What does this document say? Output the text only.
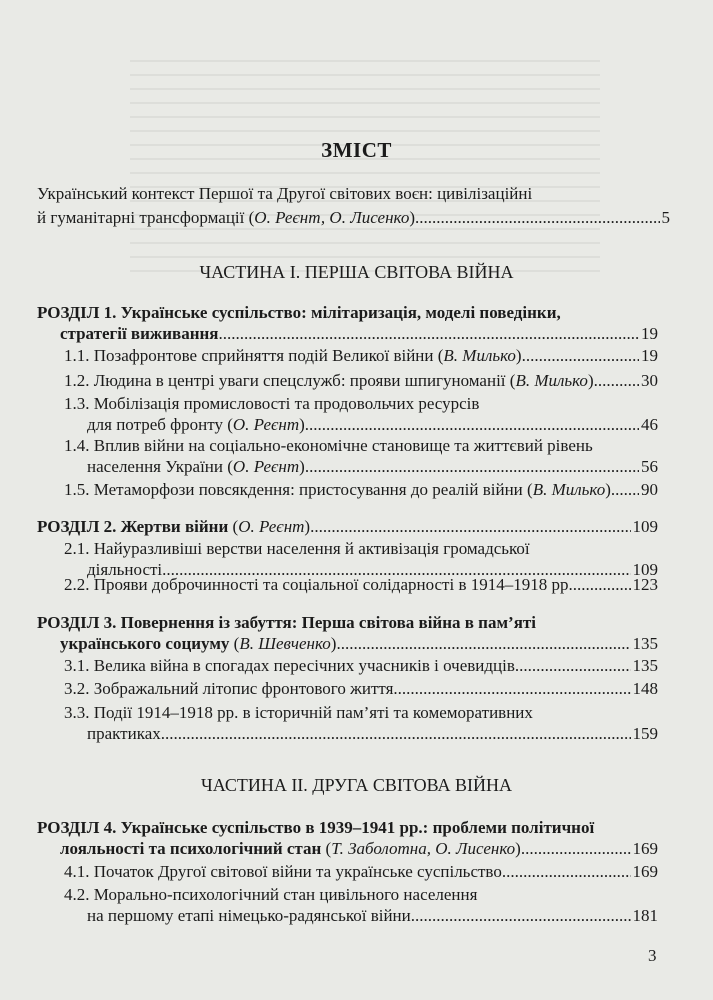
ЗМІСТ
Український контекст Першої та Другої світових воєн: цивілізаційні
й гуманітарні трансформації (О. Реєнт, О. Лисенко) .....	5
ЧАСТИНА І. ПЕРША СВІТОВА ВІЙНА
РОЗДІЛ 1. Українське суспільство: мілітаризація, моделі поведінки,
стратегії виживання .....	19
1.1. Позафронтове сприйняття подій Великої війни (В. Милько) .....	19
1.2. Людина в центрі уваги спецслужб: прояви шпигуноманії (В. Милько) .....	30
1.3. Мобілізація промисловості та продовольчих ресурсів
для потреб фронту (О. Реєнт) .....	46
1.4. Вплив війни на соціально-економічне становище та життєвий рівень
населення України (О. Реєнт) .....	56
1.5. Метаморфози повсякдення: пристосування до реалій війни (В. Милько) ..... 90
РОЗДІЛ 2. Жертви війни (О. Реєнт) .....	109
2.1. Найуразливіші верстви населення й активізація громадської
діяльності .....	109
2.2. Прояви доброчинності та соціальної солідарності в 1914–1918 рр. .....	123
РОЗДІЛ 3. Повернення із забуття: Перша світова війна в пам’яті
українського социуму (В. Шевченко) .....	135
3.1. Велика війна в спогадах пересічних учасників і очевидців .....	135
3.2. Зображальний літопис фронтового життя .....	148
3.3. Події 1914–1918 рр. в історичній пам’яті та комеморативних
практиках .....	159
ЧАСТИНА ІІ. ДРУГА СВІТОВА ВІЙНА
РОЗДІЛ 4. Українське суспільство в 1939–1941 рр.: проблеми політичної
лояльності та психологічний стан (Т. Заболотна, О. Лисенко) .....	169
4.1. Початок Другої світової війни та українське суспільство .....	169
4.2. Морально-психологічний стан цивільного населення
на першому етапі німецько-радянської війни .....	181
3
